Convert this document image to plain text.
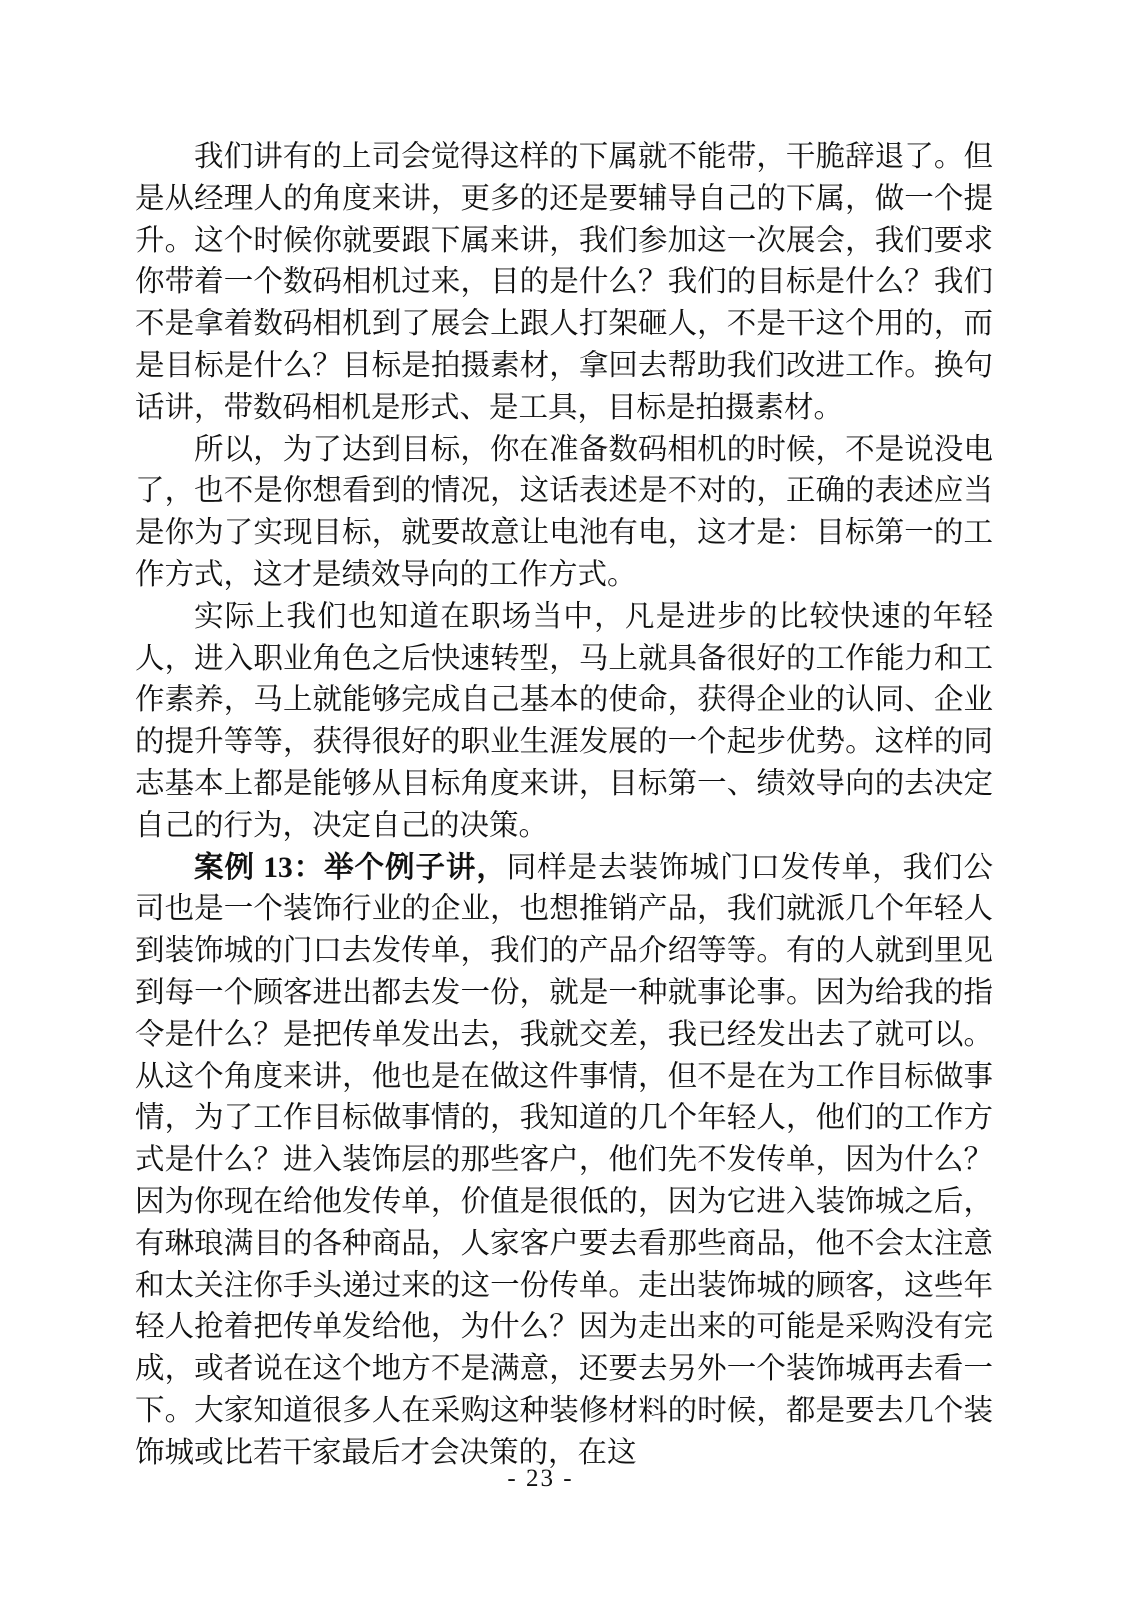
我们讲有的上司会觉得这样的下属就不能带，干脆辞退了。但是从经理人的角度来讲，更多的还是要辅导自己的下属，做一个提升。这个时候你就要跟下属来讲，我们参加这一次展会，我们要求你带着一个数码相机过来，目的是什么？我们的目标是什么？我们不是拿着数码相机到了展会上跟人打架砸人，不是干这个用的，而是目标是什么？目标是拍摄素材，拿回去帮助我们改进工作。换句话讲，带数码相机是形式、是工具，目标是拍摄素材。

所以，为了达到目标，你在准备数码相机的时候，不是说没电了，也不是你想看到的情况，这话表述是不对的，正确的表述应当是你为了实现目标，就要故意让电池有电，这才是：目标第一的工作方式，这才是绩效导向的工作方式。

实际上我们也知道在职场当中，凡是进步的比较快速的年轻人，进入职业角色之后快速转型，马上就具备很好的工作能力和工作素养，马上就能够完成自己基本的使命，获得企业的认同、企业的提升等等，获得很好的职业生涯发展的一个起步优势。这样的同志基本上都是能够从目标角度来讲，目标第一、绩效导向的去决定自己的行为，决定自己的决策。

案例 13：举个例子讲，同样是去装饰城门口发传单，我们公司也是一个装饰行业的企业，也想推销产品，我们就派几个年轻人到装饰城的门口去发传单，我们的产品介绍等等。有的人就到里见到每一个顾客进出都去发一份，就是一种就事论事。因为给我的指令是什么？是把传单发出去，我就交差，我已经发出去了就可以。从这个角度来讲，他也是在做这件事情，但不是在为工作目标做事情，为了工作目标做事情的，我知道的几个年轻人，他们的工作方式是什么？进入装饰层的那些客户，他们先不发传单，因为什么？因为你现在给他发传单，价值是很低的，因为它进入装饰城之后，有琳琅满目的各种商品，人家客户要去看那些商品，他不会太注意和太关注你手头递过来的这一份传单。走出装饰城的顾客，这些年轻人抢着把传单发给他，为什么？因为走出来的可能是采购没有完成，或者说在这个地方不是满意，还要去另外一个装饰城再去看一下。大家知道很多人在采购这种装修材料的时候，都是要去几个装饰城或比若干家最后才会决策的，在这

- 23 -
